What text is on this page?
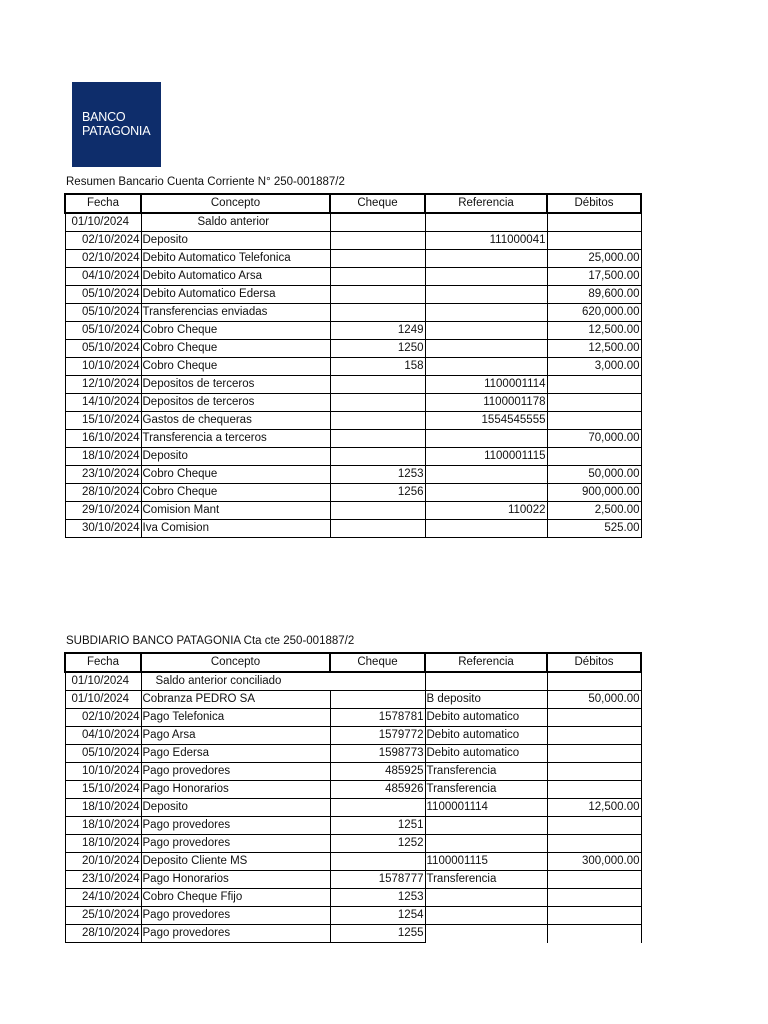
BANCO
PATAGONIA
Resumen Bancario Cuenta Corriente N° 250-001887/2
Fecha	Concepto	Cheque	Referencia	Débitos
01/10/2024	Saldo anterior			
02/10/2024	Deposito		111000041	
02/10/2024	Debito Automatico Telefonica			25,000.00
04/10/2024	Debito Automatico Arsa			17,500.00
05/10/2024	Debito Automatico Edersa			89,600.00
05/10/2024	Transferencias enviadas			620,000.00
05/10/2024	Cobro Cheque	1249		12,500.00
05/10/2024	Cobro Cheque	1250		12,500.00
10/10/2024	Cobro Cheque	158		3,000.00
12/10/2024	Depositos de terceros		1100001114	
14/10/2024	Depositos de terceros		1100001178	
15/10/2024	Gastos de chequeras		1554545555	
16/10/2024	Transferencia a terceros			70,000.00
18/10/2024	Deposito		1100001115	
23/10/2024	Cobro Cheque	1253		50,000.00
28/10/2024	Cobro Cheque	1256		900,000.00
29/10/2024	Comision Mant		110022	2,500.00
30/10/2024	Iva Comision			525.00
SUBDIARIO BANCO PATAGONIA Cta cte 250-001887/2
Fecha	Concepto	Cheque	Referencia	Débitos
01/10/2024	Saldo anterior conciliado			
01/10/2024	Cobranza PEDRO SA		B deposito	50,000.00
02/10/2024	Pago Telefonica	1578781	Debito automatico	
04/10/2024	Pago Arsa	1579772	Debito automatico	
05/10/2024	Pago Edersa	1598773	Debito automatico	
10/10/2024	Pago provedores	485925	Transferencia	
15/10/2024	Pago Honorarios	485926	Transferencia	
18/10/2024	Deposito		1100001114	12,500.00
18/10/2024	Pago provedores	1251		
18/10/2024	Pago provedores	1252		
20/10/2024	Deposito Cliente MS		1100001115	300,000.00
23/10/2024	Pago Honorarios	1578777	Transferencia	
24/10/2024	Cobro Cheque Ffijo	1253		
25/10/2024	Pago provedores	1254		
28/10/2024	Pago provedores	1255		
